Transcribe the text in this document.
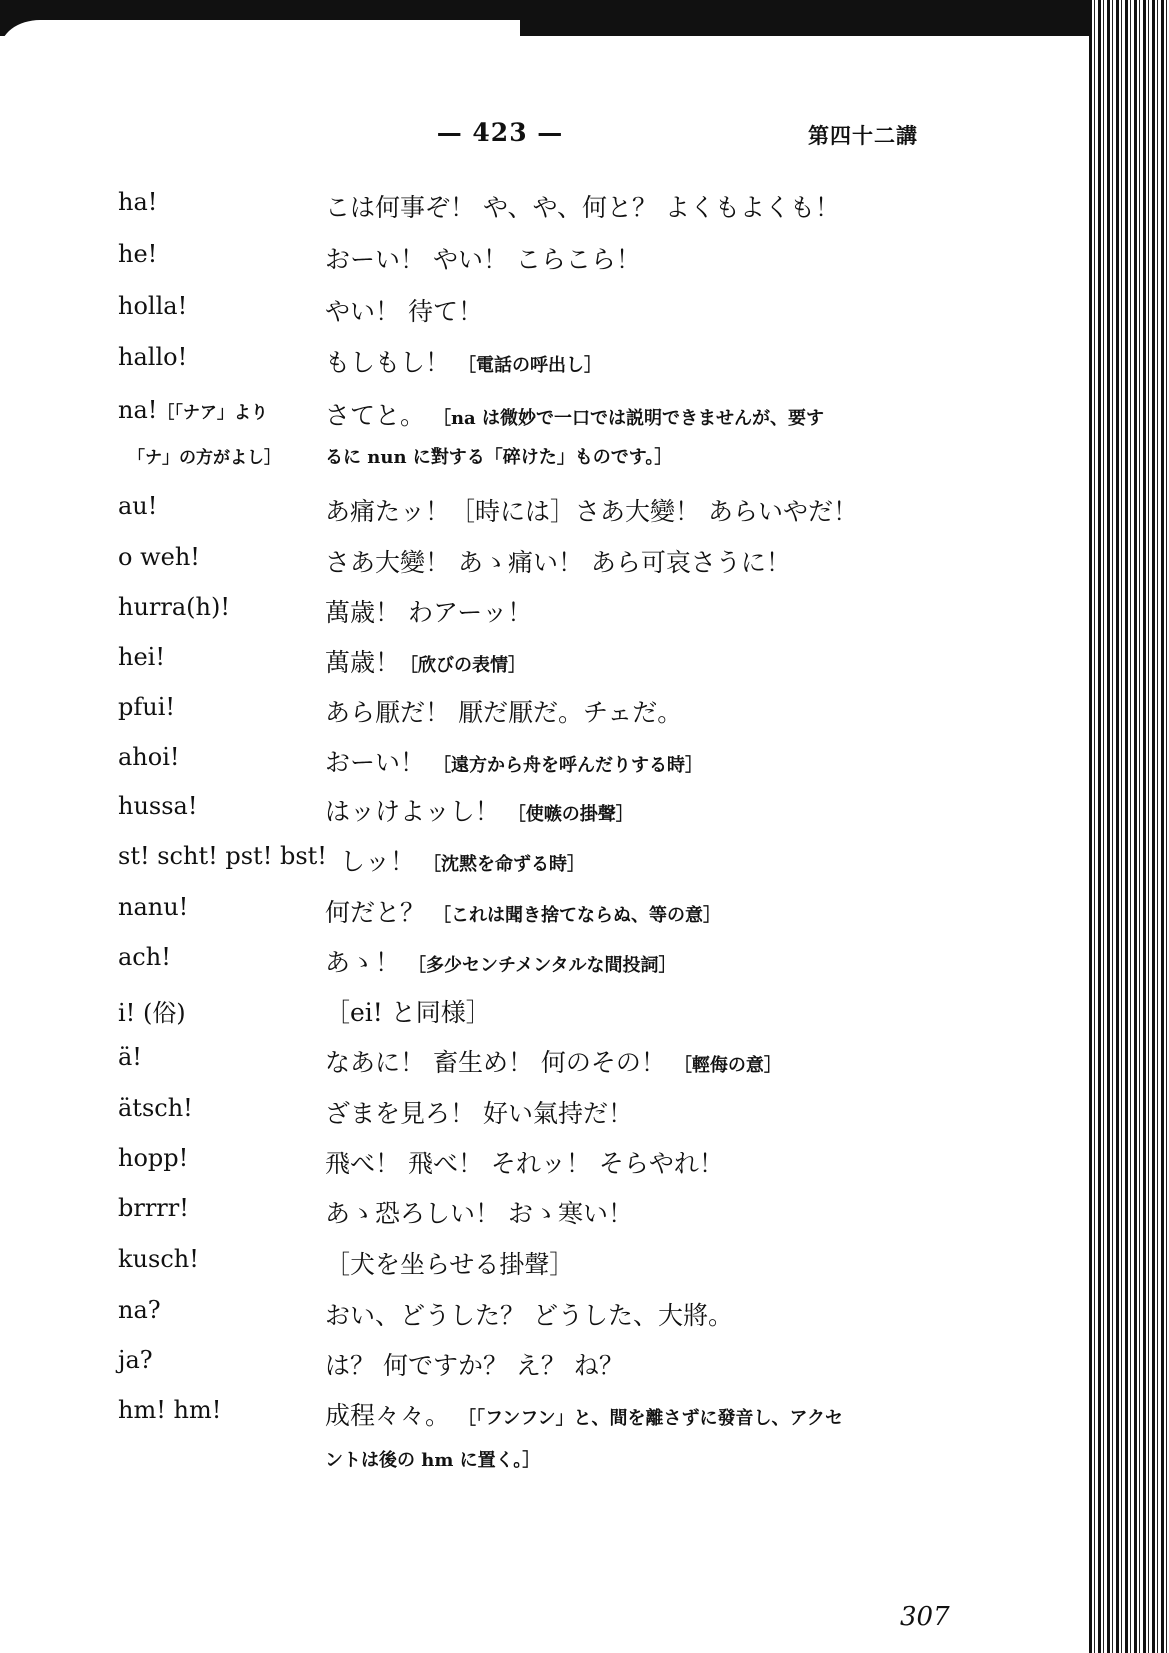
— 423 —	第四十二講
ha!	こは何事ぞ！ や、や、何と？ よくもよくも！
he!	おーい！ やい！ こらこら！
holla!	やい！ 待て！
hallo!	もしもし！ ［電話の呼出し］
na!［「ナア」より	さてと。 ［na は微妙で一口では説明できませんが、要す
「ナ」の方がよし］	るに nun に對する「碎けた」ものです。］
au!	あ痛たッ！［時には］さあ大變！ あらいやだ！
o weh!	さあ大變！ あゝ痛い！ あら可哀さうに！
hurra(h)!	萬歳！ わアーッ！
hei!	萬歳！［欣びの表情］
pfui!	あら厭だ！ 厭だ厭だ。チェだ。
ahoi!	おーい！ ［遠方から舟を呼んだりする時］
hussa!	はッけよッし！ ［使嗾の掛聲］
st! scht! pst! bst! しッ！ ［沈黙を命ずる時］
nanu!	何だと？ ［これは聞き捨てならぬ、等の意］
ach!	あゝ！ ［多少センチメンタルな間投詞］
i! (俗)	［ei! と同様］
ä!	なあに！ 畜生め！ 何のその！ ［輕侮の意］
ätsch!	ざまを見ろ！ 好い氣持だ！
hopp!	飛べ！ 飛べ！ それッ！ そらやれ！
brrrr!	あゝ恐ろしい！ おゝ寒い！
kusch!	［犬を坐らせる掛聲］
na?	おい、どうした？ どうした、大將。
ja?	は？ 何ですか？ え？ ね？
hm! hm!	成程々々。 ［「フンフン」と、間を離さずに發音し、アクセ
ントは後の hm に置く。］
307
